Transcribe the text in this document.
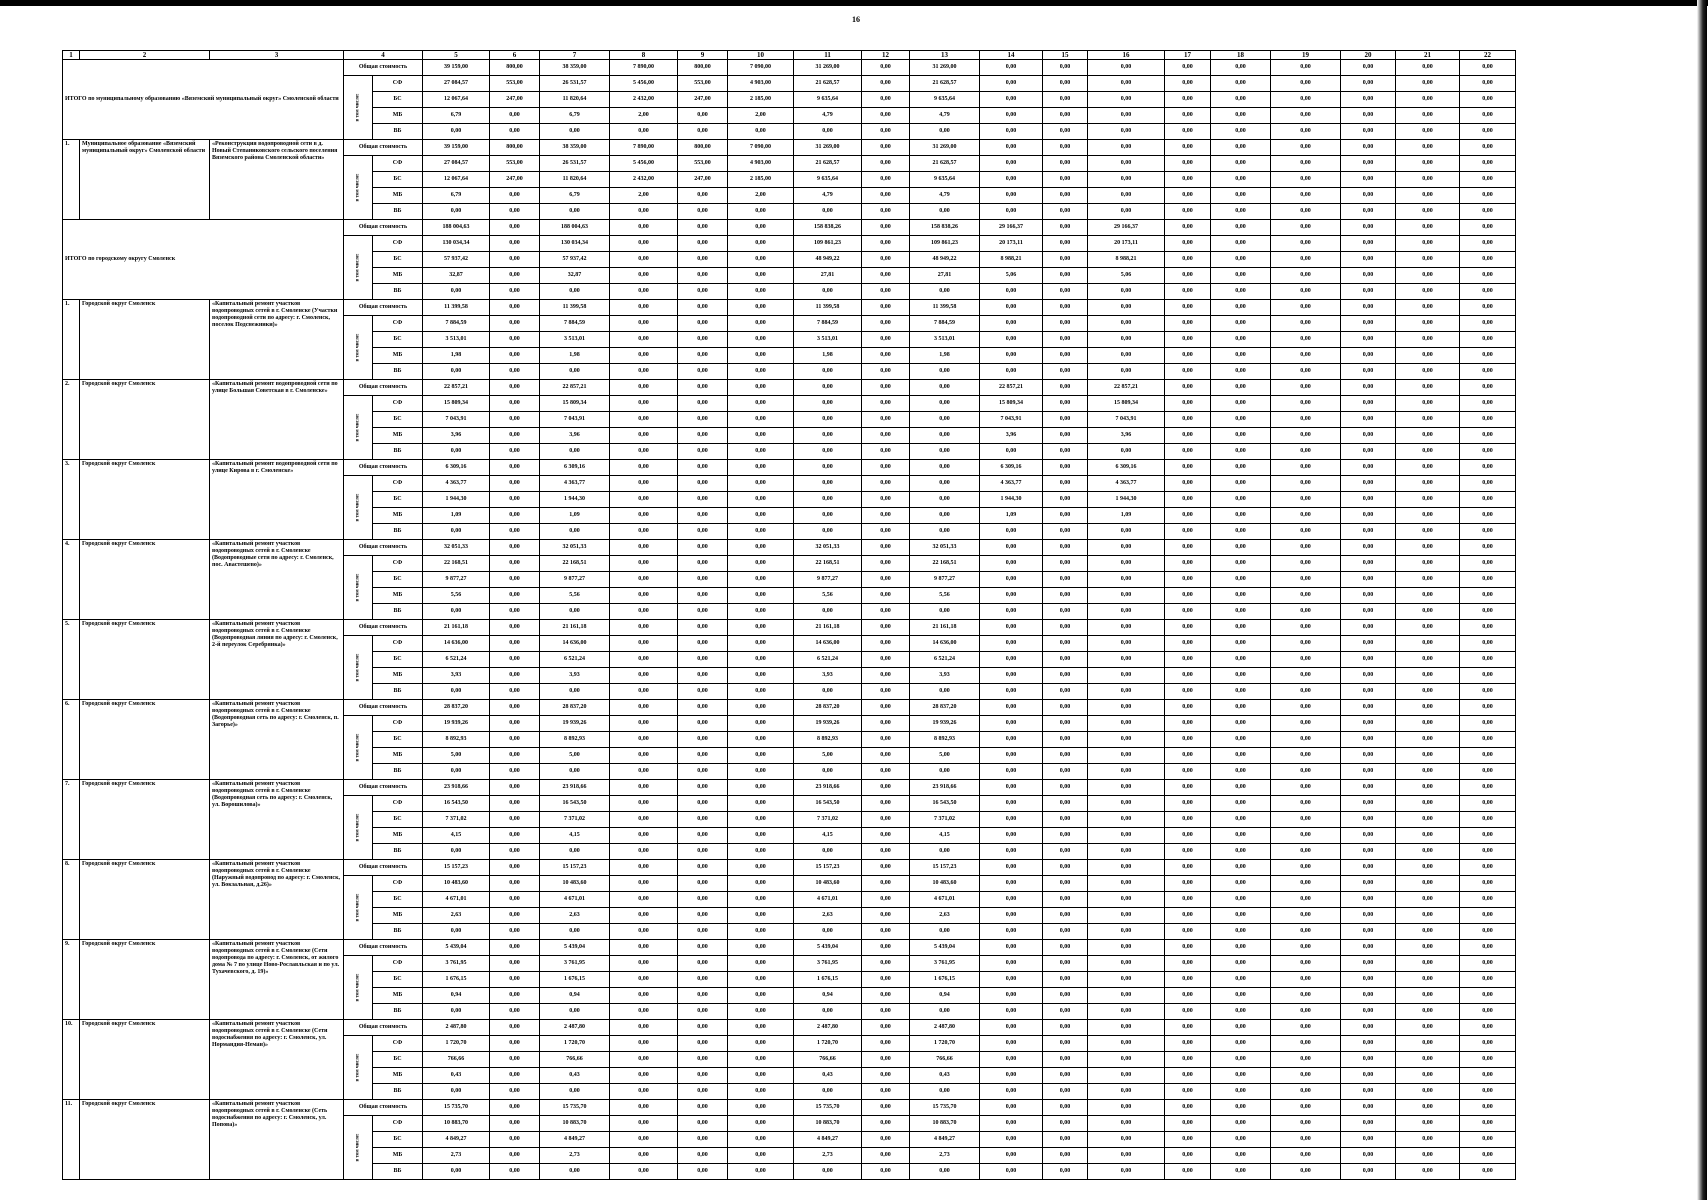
16
1	2	3	4		5	6	7	8	9	10	11	12	13	14	15	16	17	18	19	20	21	22
ИТОГО по муниципальному образованию «Вяземский муниципальный округ» Смоленской области			Общая стоимость		39 159,00	800,00	38 359,00	7 890,00	800,00	7 090,00	31 269,00	0,00	31 269,00	0,00	0,00	0,00	0,00	0,00	0,00	0,00	0,00	0,00
			в том числе:	СФ	27 084,57	553,00	26 531,57	5 456,00	553,00	4 903,00	21 628,57	0,00	21 628,57	0,00	0,00	0,00	0,00	0,00	0,00	0,00	0,00	0,00
				БС	12 067,64	247,00	11 820,64	2 432,00	247,00	2 185,00	9 635,64	0,00	9 635,64	0,00	0,00	0,00	0,00	0,00	0,00	0,00	0,00	0,00
				МБ	6,79	0,00	6,79	2,00	0,00	2,00	4,79	0,00	4,79	0,00	0,00	0,00	0,00	0,00	0,00	0,00	0,00	0,00
				ВБ	0,00	0,00	0,00	0,00	0,00	0,00	0,00	0,00	0,00	0,00	0,00	0,00	0,00	0,00	0,00	0,00	0,00	0,00
1.	Муниципальное образование «Вяземский муниципальный округ» Смоленской области	«Реконструкция водопроводной сети в д. Новый Степаниковского сельского поселения Вяземского района Смоленской области»	Общая стоимость		39 159,00	800,00	38 359,00	7 890,00	800,00	7 090,00	31 269,00	0,00	31 269,00	0,00	0,00	0,00	0,00	0,00	0,00	0,00	0,00	0,00
			в том числе:	СФ	27 084,57	553,00	26 531,57	5 456,00	553,00	4 903,00	21 628,57	0,00	21 628,57	0,00	0,00	0,00	0,00	0,00	0,00	0,00	0,00	0,00
				БС	12 067,64	247,00	11 820,64	2 432,00	247,00	2 185,00	9 635,64	0,00	9 635,64	0,00	0,00	0,00	0,00	0,00	0,00	0,00	0,00	0,00
				МБ	6,79	0,00	6,79	2,00	0,00	2,00	4,79	0,00	4,79	0,00	0,00	0,00	0,00	0,00	0,00	0,00	0,00	0,00
				ВБ	0,00	0,00	0,00	0,00	0,00	0,00	0,00	0,00	0,00	0,00	0,00	0,00	0,00	0,00	0,00	0,00	0,00	0,00
ИТОГО по городскому округу Смоленск			Общая стоимость		188 004,63	0,00	188 004,63	0,00	0,00	0,00	158 838,26	0,00	158 838,26	29 166,37	0,00	29 166,37	0,00	0,00	0,00	0,00	0,00	0,00
			в том числе:	СФ	130 034,34	0,00	130 034,34	0,00	0,00	0,00	109 861,23	0,00	109 861,23	20 173,11	0,00	20 173,11	0,00	0,00	0,00	0,00	0,00	0,00
				БС	57 937,42	0,00	57 937,42	0,00	0,00	0,00	48 949,22	0,00	48 949,22	8 988,21	0,00	8 988,21	0,00	0,00	0,00	0,00	0,00	0,00
				МБ	32,87	0,00	32,87	0,00	0,00	0,00	27,81	0,00	27,81	5,06	0,00	5,06	0,00	0,00	0,00	0,00	0,00	0,00
				ВБ	0,00	0,00	0,00	0,00	0,00	0,00	0,00	0,00	0,00	0,00	0,00	0,00	0,00	0,00	0,00	0,00	0,00	0,00
1.	Городской округ Смоленск	«Капитальный ремонт участков водопроводных сетей в г. Смоленске (Участки водопроводной сети по адресу: г. Смоленск, поселок Подснежники)»	Общая стоимость		11 399,58	0,00	11 399,58	0,00	0,00	0,00	11 399,58	0,00	11 399,58	0,00	0,00	0,00	0,00	0,00	0,00	0,00	0,00	0,00
			в том числе:	СФ	7 884,59	0,00	7 884,59	0,00	0,00	0,00	7 884,59	0,00	7 884,59	0,00	0,00	0,00	0,00	0,00	0,00	0,00	0,00	0,00
				БС	3 513,01	0,00	3 513,01	0,00	0,00	0,00	3 513,01	0,00	3 513,01	0,00	0,00	0,00	0,00	0,00	0,00	0,00	0,00	0,00
				МБ	1,98	0,00	1,98	0,00	0,00	0,00	1,98	0,00	1,98	0,00	0,00	0,00	0,00	0,00	0,00	0,00	0,00	0,00
				ВБ	0,00	0,00	0,00	0,00	0,00	0,00	0,00	0,00	0,00	0,00	0,00	0,00	0,00	0,00	0,00	0,00	0,00	0,00
2.	Городской округ Смоленск	«Капитальный ремонт водопроводной сети по улице Большая Советская в г. Смоленске»	Общая стоимость		22 857,21	0,00	22 857,21	0,00	0,00	0,00	0,00	0,00	0,00	22 857,21	0,00	22 857,21	0,00	0,00	0,00	0,00	0,00	0,00
			в том числе:	СФ	15 809,34	0,00	15 809,34	0,00	0,00	0,00	0,00	0,00	0,00	15 809,34	0,00	15 809,34	0,00	0,00	0,00	0,00	0,00	0,00
				БС	7 043,91	0,00	7 043,91	0,00	0,00	0,00	0,00	0,00	0,00	7 043,91	0,00	7 043,91	0,00	0,00	0,00	0,00	0,00	0,00
				МБ	3,96	0,00	3,96	0,00	0,00	0,00	0,00	0,00	0,00	3,96	0,00	3,96	0,00	0,00	0,00	0,00	0,00	0,00
				ВБ	0,00	0,00	0,00	0,00	0,00	0,00	0,00	0,00	0,00	0,00	0,00	0,00	0,00	0,00	0,00	0,00	0,00	0,00
3.	Городской округ Смоленск	«Капитальный ремонт водопроводной сети по улице Кирова в г. Смоленске»	Общая стоимость		6 309,16	0,00	6 309,16	0,00	0,00	0,00	0,00	0,00	0,00	6 309,16	0,00	6 309,16	0,00	0,00	0,00	0,00	0,00	0,00
			в том числе:	СФ	4 363,77	0,00	4 363,77	0,00	0,00	0,00	0,00	0,00	0,00	4 363,77	0,00	4 363,77	0,00	0,00	0,00	0,00	0,00	0,00
				БС	1 944,30	0,00	1 944,30	0,00	0,00	0,00	0,00	0,00	0,00	1 944,30	0,00	1 944,30	0,00	0,00	0,00	0,00	0,00	0,00
				МБ	1,09	0,00	1,09	0,00	0,00	0,00	0,00	0,00	0,00	1,09	0,00	1,09	0,00	0,00	0,00	0,00	0,00	0,00
				ВБ	0,00	0,00	0,00	0,00	0,00	0,00	0,00	0,00	0,00	0,00	0,00	0,00	0,00	0,00	0,00	0,00	0,00	0,00
4.	Городской округ Смоленск	«Капитальный ремонт участков водопроводных сетей в г. Смоленске (Водопроводные сети по адресу: г. Смоленск, пос. Авастешево)»	Общая стоимость		32 051,33	0,00	32 051,33	0,00	0,00	0,00	32 051,33	0,00	32 051,33	0,00	0,00	0,00	0,00	0,00	0,00	0,00	0,00	0,00
			в том числе:	СФ	22 168,51	0,00	22 168,51	0,00	0,00	0,00	22 168,51	0,00	22 168,51	0,00	0,00	0,00	0,00	0,00	0,00	0,00	0,00	0,00
				БС	9 877,27	0,00	9 877,27	0,00	0,00	0,00	9 877,27	0,00	9 877,27	0,00	0,00	0,00	0,00	0,00	0,00	0,00	0,00	0,00
				МБ	5,56	0,00	5,56	0,00	0,00	0,00	5,56	0,00	5,56	0,00	0,00	0,00	0,00	0,00	0,00	0,00	0,00	0,00
				ВБ	0,00	0,00	0,00	0,00	0,00	0,00	0,00	0,00	0,00	0,00	0,00	0,00	0,00	0,00	0,00	0,00	0,00	0,00
5.	Городской округ Смоленск	«Капитальный ремонт участков водопроводных сетей в г. Смоленске (Водопроводная линия по адресу: г. Смоленск, 2-й переулок Серебрянка)»	Общая стоимость		21 161,18	0,00	21 161,18	0,00	0,00	0,00	21 161,18	0,00	21 161,18	0,00	0,00	0,00	0,00	0,00	0,00	0,00	0,00	0,00
			в том числе:	СФ	14 636,00	0,00	14 636,00	0,00	0,00	0,00	14 636,00	0,00	14 636,00	0,00	0,00	0,00	0,00	0,00	0,00	0,00	0,00	0,00
				БС	6 521,24	0,00	6 521,24	0,00	0,00	0,00	6 521,24	0,00	6 521,24	0,00	0,00	0,00	0,00	0,00	0,00	0,00	0,00	0,00
				МБ	3,93	0,00	3,93	0,00	0,00	0,00	3,93	0,00	3,93	0,00	0,00	0,00	0,00	0,00	0,00	0,00	0,00	0,00
				ВБ	0,00	0,00	0,00	0,00	0,00	0,00	0,00	0,00	0,00	0,00	0,00	0,00	0,00	0,00	0,00	0,00	0,00	0,00
6.	Городской округ Смоленск	«Капитальный ремонт участков водопроводных сетей в г. Смоленске (Водопроводная сеть по адресу: г. Смоленск, п. Загорье)»	Общая стоимость		28 837,20	0,00	28 837,20	0,00	0,00	0,00	28 837,20	0,00	28 837,20	0,00	0,00	0,00	0,00	0,00	0,00	0,00	0,00	0,00
			в том числе:	СФ	19 939,26	0,00	19 939,26	0,00	0,00	0,00	19 939,26	0,00	19 939,26	0,00	0,00	0,00	0,00	0,00	0,00	0,00	0,00	0,00
				БС	8 892,93	0,00	8 892,93	0,00	0,00	0,00	8 892,93	0,00	8 892,93	0,00	0,00	0,00	0,00	0,00	0,00	0,00	0,00	0,00
				МБ	5,00	0,00	5,00	0,00	0,00	0,00	5,00	0,00	5,00	0,00	0,00	0,00	0,00	0,00	0,00	0,00	0,00	0,00
				ВБ	0,00	0,00	0,00	0,00	0,00	0,00	0,00	0,00	0,00	0,00	0,00	0,00	0,00	0,00	0,00	0,00	0,00	0,00
7.	Городской округ Смоленск	«Капитальный ремонт участков водопроводных сетей в г. Смоленске (Водопроводная сеть по адресу: г. Смоленск, ул. Ворошилова)»	Общая стоимость		23 918,66	0,00	23 918,66	0,00	0,00	0,00	23 918,66	0,00	23 918,66	0,00	0,00	0,00	0,00	0,00	0,00	0,00	0,00	0,00
			в том числе:	СФ	16 543,50	0,00	16 543,50	0,00	0,00	0,00	16 543,50	0,00	16 543,50	0,00	0,00	0,00	0,00	0,00	0,00	0,00	0,00	0,00
				БС	7 371,02	0,00	7 371,02	0,00	0,00	0,00	7 371,02	0,00	7 371,02	0,00	0,00	0,00	0,00	0,00	0,00	0,00	0,00	0,00
				МБ	4,15	0,00	4,15	0,00	0,00	0,00	4,15	0,00	4,15	0,00	0,00	0,00	0,00	0,00	0,00	0,00	0,00	0,00
				ВБ	0,00	0,00	0,00	0,00	0,00	0,00	0,00	0,00	0,00	0,00	0,00	0,00	0,00	0,00	0,00	0,00	0,00	0,00
8.	Городской округ Смоленск	«Капитальный ремонт участков водопроводных сетей в г. Смоленске (Наружный водопровод по адресу: г. Смоленск, ул. Вокзальная, д.26)»	Общая стоимость		15 157,23	0,00	15 157,23	0,00	0,00	0,00	15 157,23	0,00	15 157,23	0,00	0,00	0,00	0,00	0,00	0,00	0,00	0,00	0,00
			в том числе:	СФ	10 483,60	0,00	10 483,60	0,00	0,00	0,00	10 483,60	0,00	10 483,60	0,00	0,00	0,00	0,00	0,00	0,00	0,00	0,00	0,00
				БС	4 671,01	0,00	4 671,01	0,00	0,00	0,00	4 671,01	0,00	4 671,01	0,00	0,00	0,00	0,00	0,00	0,00	0,00	0,00	0,00
				МБ	2,63	0,00	2,63	0,00	0,00	0,00	2,63	0,00	2,63	0,00	0,00	0,00	0,00	0,00	0,00	0,00	0,00	0,00
				ВБ	0,00	0,00	0,00	0,00	0,00	0,00	0,00	0,00	0,00	0,00	0,00	0,00	0,00	0,00	0,00	0,00	0,00	0,00
9.	Городской округ Смоленск	«Капитальный ремонт участков водопроводных сетей в г. Смоленске (Сети водопровода по адресу: г. Смоленск, от жилого дома № 7 по улице Ново-Рославльская и по ул. Тухачевского, д. 19)»	Общая стоимость		5 439,04	0,00	5 439,04	0,00	0,00	0,00	5 439,04	0,00	5 439,04	0,00	0,00	0,00	0,00	0,00	0,00	0,00	0,00	0,00
			в том числе:	СФ	3 761,95	0,00	3 761,95	0,00	0,00	0,00	3 761,95	0,00	3 761,95	0,00	0,00	0,00	0,00	0,00	0,00	0,00	0,00	0,00
				БС	1 676,15	0,00	1 676,15	0,00	0,00	0,00	1 676,15	0,00	1 676,15	0,00	0,00	0,00	0,00	0,00	0,00	0,00	0,00	0,00
				МБ	0,94	0,00	0,94	0,00	0,00	0,00	0,94	0,00	0,94	0,00	0,00	0,00	0,00	0,00	0,00	0,00	0,00	0,00
				ВБ	0,00	0,00	0,00	0,00	0,00	0,00	0,00	0,00	0,00	0,00	0,00	0,00	0,00	0,00	0,00	0,00	0,00	0,00
10.	Городской округ Смоленск	«Капитальный ремонт участков водопроводных сетей в г. Смоленске (Сети водоснабжения по адресу: г. Смоленск, ул. Нормандия-Неман)»	Общая стоимость		2 487,80	0,00	2 487,80	0,00	0,00	0,00	2 487,80	0,00	2 487,80	0,00	0,00	0,00	0,00	0,00	0,00	0,00	0,00	0,00
			в том числе:	СФ	1 720,70	0,00	1 720,70	0,00	0,00	0,00	1 720,70	0,00	1 720,70	0,00	0,00	0,00	0,00	0,00	0,00	0,00	0,00	0,00
				БС	766,66	0,00	766,66	0,00	0,00	0,00	766,66	0,00	766,66	0,00	0,00	0,00	0,00	0,00	0,00	0,00	0,00	0,00
				МБ	0,43	0,00	0,43	0,00	0,00	0,00	0,43	0,00	0,43	0,00	0,00	0,00	0,00	0,00	0,00	0,00	0,00	0,00
				ВБ	0,00	0,00	0,00	0,00	0,00	0,00	0,00	0,00	0,00	0,00	0,00	0,00	0,00	0,00	0,00	0,00	0,00	0,00
11.	Городской округ Смоленск	«Капитальный ремонт участков водопроводных сетей в г. Смоленске (Сеть водоснабжения по адресу: г. Смоленск, ул. Попова)»	Общая стоимость		15 735,70	0,00	15 735,70	0,00	0,00	0,00	15 735,70	0,00	15 735,70	0,00	0,00	0,00	0,00	0,00	0,00	0,00	0,00	0,00
			в том числе:	СФ	10 883,70	0,00	10 883,70	0,00	0,00	0,00	10 883,70	0,00	10 883,70	0,00	0,00	0,00	0,00	0,00	0,00	0,00	0,00	0,00
				БС	4 849,27	0,00	4 849,27	0,00	0,00	0,00	4 849,27	0,00	4 849,27	0,00	0,00	0,00	0,00	0,00	0,00	0,00	0,00	0,00
				МБ	2,73	0,00	2,73	0,00	0,00	0,00	2,73	0,00	2,73	0,00	0,00	0,00	0,00	0,00	0,00	0,00	0,00	0,00
				ВБ	0,00	0,00	0,00	0,00	0,00	0,00	0,00	0,00	0,00	0,00	0,00	0,00	0,00	0,00	0,00	0,00	0,00	0,00
